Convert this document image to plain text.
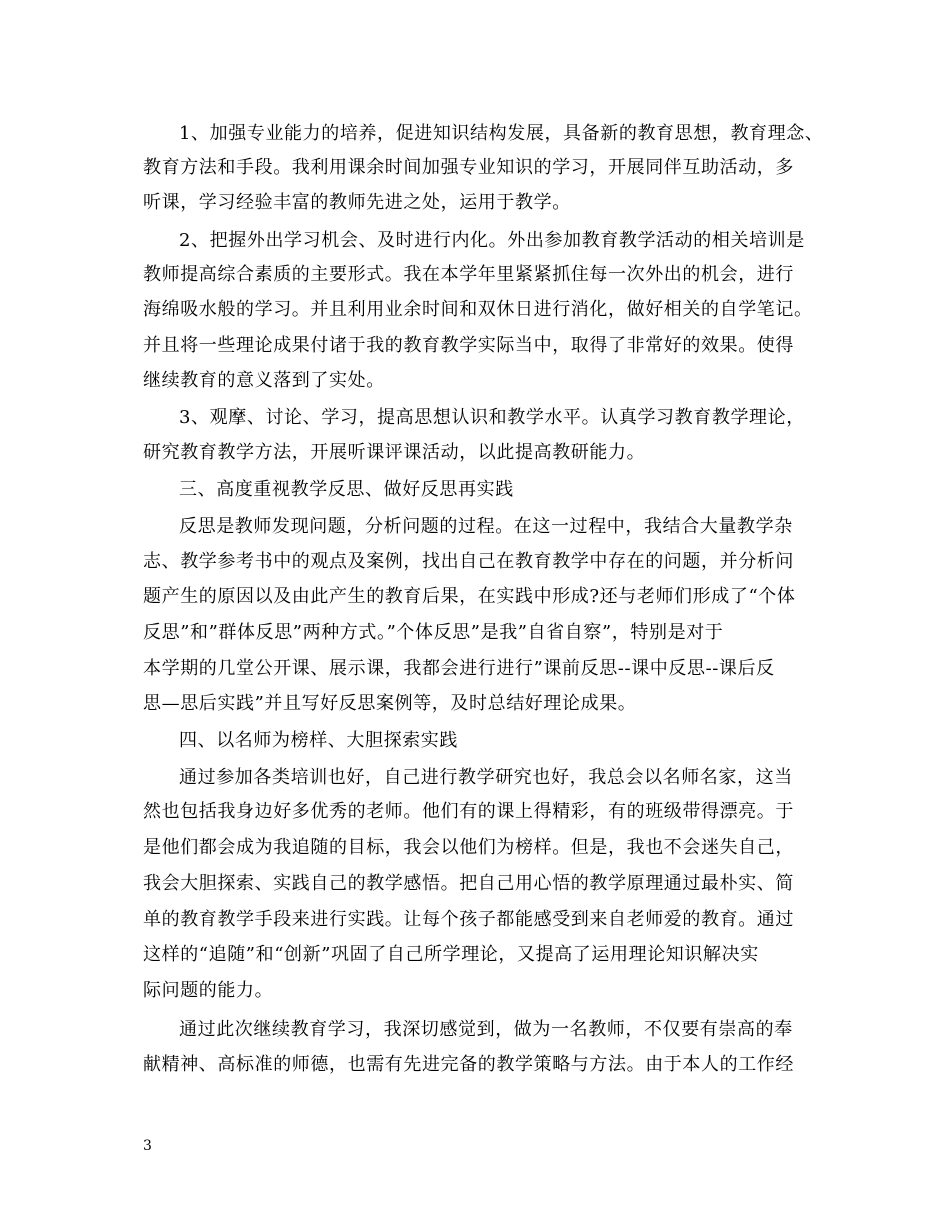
1、加强专业能力的培养，促进知识结构发展，具备新的教育思想，教育理念、
教育方法和手段。我利用课余时间加强专业知识的学习，开展同伴互助活动，多
听课，学习经验丰富的教师先进之处，运用于教学。
2、把握外出学习机会、及时进行内化。外出参加教育教学活动的相关培训是
教师提高综合素质的主要形式。我在本学年里紧紧抓住每一次外出的机会，进行
海绵吸水般的学习。并且利用业余时间和双休日进行消化，做好相关的自学笔记。
并且将一些理论成果付诸于我的教育教学实际当中，取得了非常好的效果。使得
继续教育的意义落到了实处。
3、观摩、讨论、学习，提高思想认识和教学水平。认真学习教育教学理论，
研究教育教学方法，开展听课评课活动，以此提高教研能力。
三、高度重视教学反思、做好反思再实践
反思是教师发现问题，分析问题的过程。在这一过程中，我结合大量教学杂
志、教学参考书中的观点及案例，找出自己在教育教学中存在的问题，并分析问
题产生的原因以及由此产生的教育后果，在实践中形成?还与老师们形成了“个体
反思”和”群体反思”两种方式。”个体反思”是我”自省自察”，特别是对于
本学期的几堂公开课、展示课，我都会进行进行”课前反思--课中反思--课后反
思—思后实践”并且写好反思案例等，及时总结好理论成果。
四、以名师为榜样、大胆探索实践
通过参加各类培训也好，自己进行教学研究也好，我总会以名师名家，这当
然也包括我身边好多优秀的老师。他们有的课上得精彩，有的班级带得漂亮。于
是他们都会成为我追随的目标，我会以他们为榜样。但是，我也不会迷失自己，
我会大胆探索、实践自己的教学感悟。把自己用心悟的教学原理通过最朴实、简
单的教育教学手段来进行实践。让每个孩子都能感受到来自老师爱的教育。通过
这样的“追随”和“创新”巩固了自己所学理论，又提高了运用理论知识解决实
际问题的能力。
通过此次继续教育学习，我深切感觉到，做为一名教师，不仅要有崇高的奉
献精神、高标准的师德，也需有先进完备的教学策略与方法。由于本人的工作经
3
